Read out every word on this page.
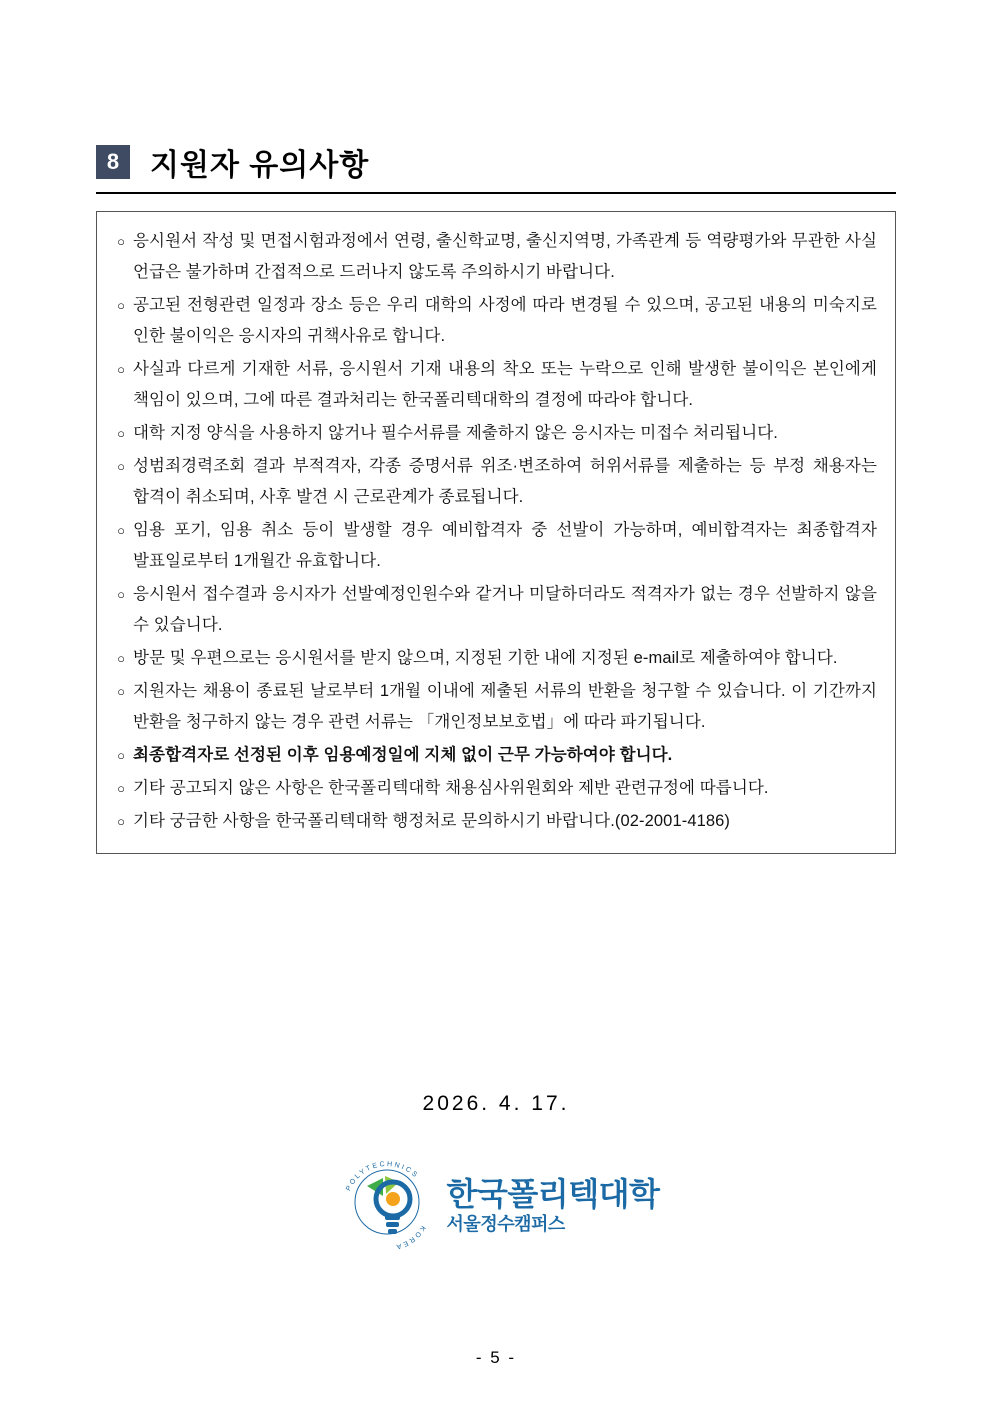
8	지원자 유의사항
○ 응시원서 작성 및 면접시험과정에서 연령, 출신학교명, 출신지역명, 가족관계 등 역량평가와 무관한 사실 언급은 불가하며 간접적으로 드러나지 않도록 주의하시기 바랍니다.
○ 공고된 전형관련 일정과 장소 등은 우리 대학의 사정에 따라 변경될 수 있으며, 공고된 내용의 미숙지로 인한 불이익은 응시자의 귀책사유로 합니다.
○ 사실과 다르게 기재한 서류, 응시원서 기재 내용의 착오 또는 누락으로 인해 발생한 불이익은 본인에게 책임이 있으며, 그에 따른 결과처리는 한국폴리텍대학의 결정에 따라야 합니다.
○ 대학 지정 양식을 사용하지 않거나 필수서류를 제출하지 않은 응시자는 미접수 처리됩니다.
○ 성범죄경력조회 결과 부적격자, 각종 증명서류 위조·변조하여 허위서류를 제출하는 등 부정 채용자는 합격이 취소되며, 사후 발견 시 근로관계가 종료됩니다.
○ 임용 포기, 임용 취소 등이 발생할 경우 예비합격자 중 선발이 가능하며, 예비합격자는 최종합격자 발표일로부터 1개월간 유효합니다.
○ 응시원서 접수결과 응시자가 선발예정인원수와 같거나 미달하더라도 적격자가 없는 경우 선발하지 않을 수 있습니다.
○ 방문 및 우편으로는 응시원서를 받지 않으며, 지정된 기한 내에 지정된 e-mail로 제출하여야 합니다.
○ 지원자는 채용이 종료된 날로부터 1개월 이내에 제출된 서류의 반환을 청구할 수 있습니다. 이 기간까지 반환을 청구하지 않는 경우 관련 서류는 「개인정보보호법」에 따라 파기됩니다.
○ 최종합격자로 선정된 이후 임용예정일에 지체 없이 근무 가능하여야 합니다.
○ 기타 공고되지 않은 사항은 한국폴리텍대학 채용심사위원회와 제반 관련규정에 따릅니다.
○ 기타 궁금한 사항을 한국폴리텍대학 행정처로 문의하시기 바랍니다.(02-2001-4186)
2026. 4. 17.
POLYTECHNICS
KOREA
한국폴리텍대학
서울정수캠퍼스
- 5 -
